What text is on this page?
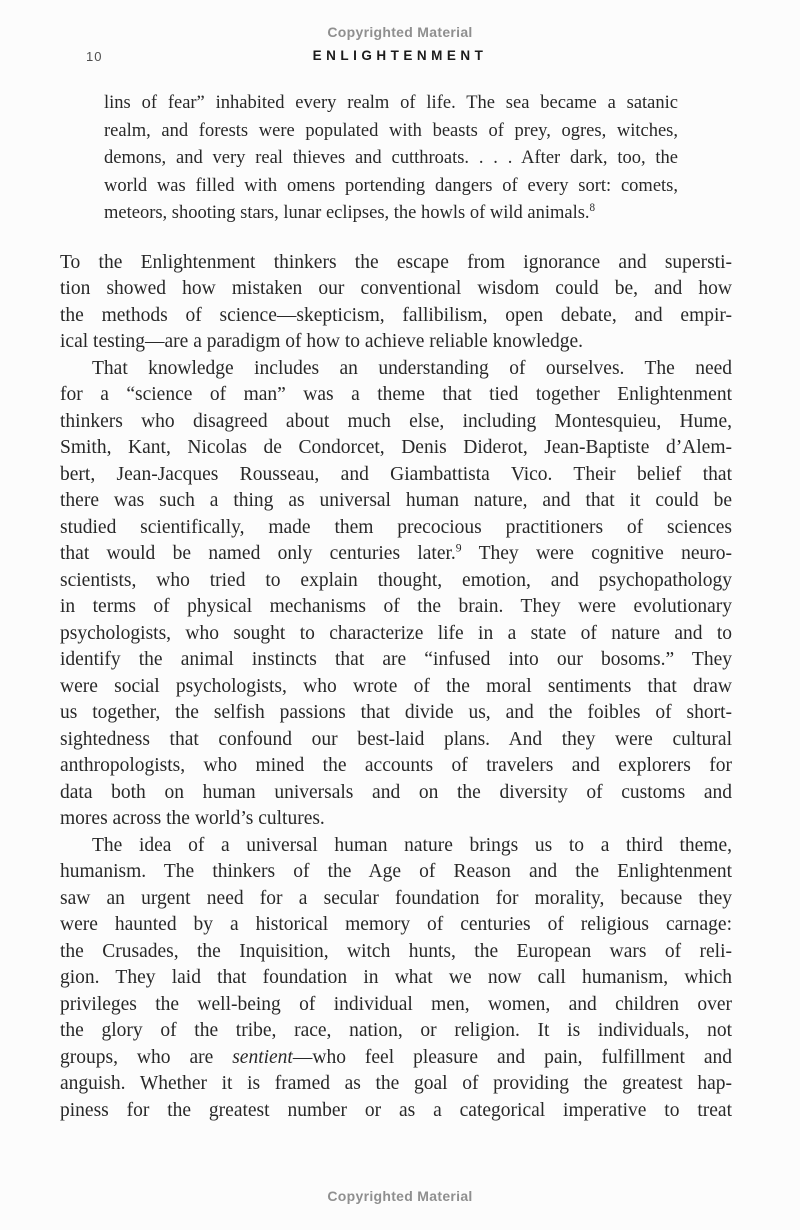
Copyrighted Material
10	ENLIGHTENMENT
lins of fear” inhabited every realm of life. The sea became a satanic
realm, and forests were populated with beasts of prey, ogres, witches,
demons, and very real thieves and cutthroats. . . . After dark, too, the
world was filled with omens portending dangers of every sort: comets,
meteors, shooting stars, lunar eclipses, the howls of wild animals.$^8$
To the Enlightenment thinkers the escape from ignorance and supersti-
tion showed how mistaken our conventional wisdom could be, and how
the methods of science—skepticism, fallibilism, open debate, and empir-
ical testing—are a paradigm of how to achieve reliable knowledge.
That knowledge includes an understanding of ourselves. The need
for a “science of man” was a theme that tied together Enlightenment
thinkers who disagreed about much else, including Montesquieu, Hume,
Smith, Kant, Nicolas de Condorcet, Denis Diderot, Jean-Baptiste d’Alem-
bert, Jean-Jacques Rousseau, and Giambattista Vico. Their belief that
there was such a thing as universal human nature, and that it could be
studied scientifically, made them precocious practitioners of sciences
that would be named only centuries later.$^9$ They were cognitive neuro-
scientists, who tried to explain thought, emotion, and psychopathology
in terms of physical mechanisms of the brain. They were evolutionary
psychologists, who sought to characterize life in a state of nature and to
identify the animal instincts that are “infused into our bosoms.” They
were social psychologists, who wrote of the moral sentiments that draw
us together, the selfish passions that divide us, and the foibles of short-
sightedness that confound our best-laid plans. And they were cultural
anthropologists, who mined the accounts of travelers and explorers for
data both on human universals and on the diversity of customs and
mores across the world’s cultures.
The idea of a universal human nature brings us to a third theme,
humanism. The thinkers of the Age of Reason and the Enlightenment
saw an urgent need for a secular foundation for morality, because they
were haunted by a historical memory of centuries of religious carnage:
the Crusades, the Inquisition, witch hunts, the European wars of reli-
gion. They laid that foundation in what we now call humanism, which
privileges the well-being of individual men, women, and children over
the glory of the tribe, race, nation, or religion. It is individuals, not
groups, who are sentient—who feel pleasure and pain, fulfillment and
anguish. Whether it is framed as the goal of providing the greatest hap-
piness for the greatest number or as a categorical imperative to treat
Copyrighted Material
